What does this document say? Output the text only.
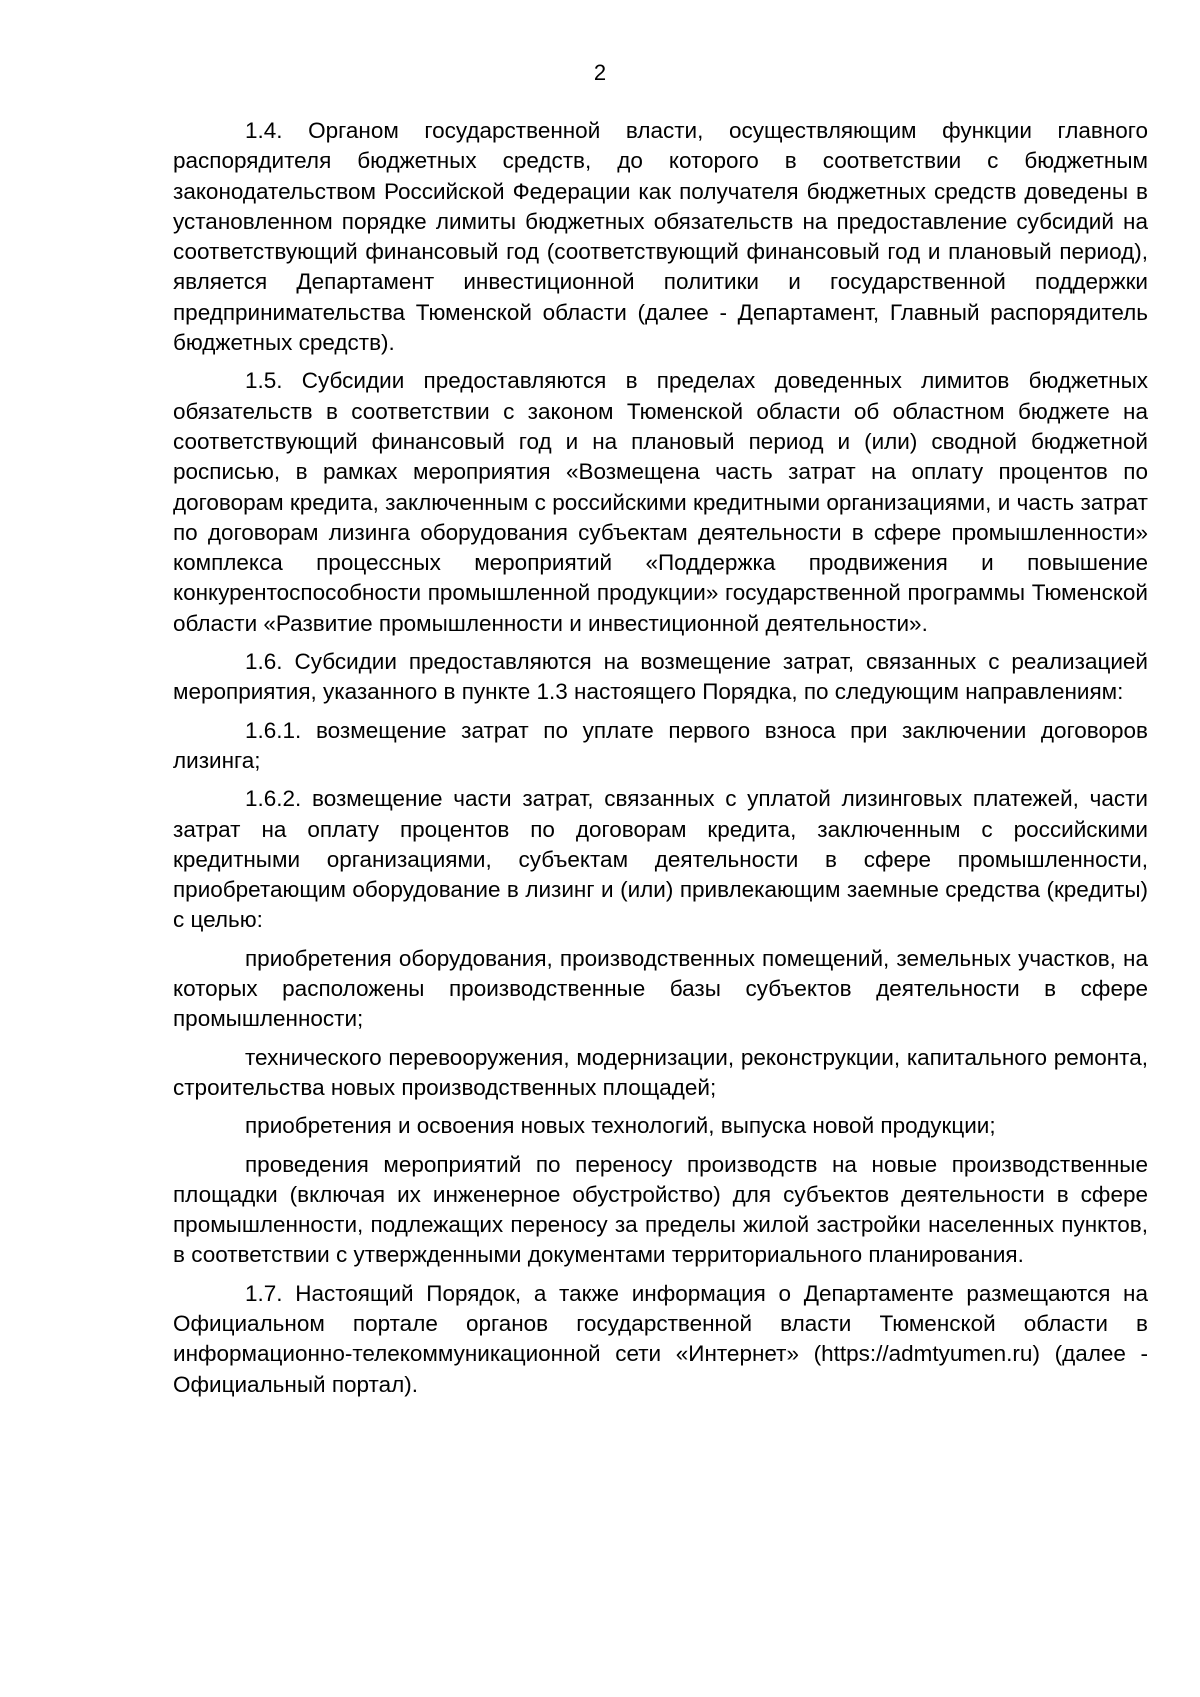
2

1.4. Органом государственной власти, осуществляющим функции главного распорядителя бюджетных средств, до которого в соответствии с бюджетным законодательством Российской Федерации как получателя бюджетных средств доведены в установленном порядке лимиты бюджетных обязательств на предоставление субсидий на соответствующий финансовый год (соответствующий финансовый год и плановый период), является Департамент инвестиционной политики и государственной поддержки предпринимательства Тюменской области (далее - Департамент, Главный распорядитель бюджетных средств).

1.5. Субсидии предоставляются в пределах доведенных лимитов бюджетных обязательств в соответствии с законом Тюменской области об областном бюджете на соответствующий финансовый год и на плановый период и (или) сводной бюджетной росписью, в рамках мероприятия «Возмещена часть затрат на оплату процентов по договорам кредита, заключенным с российскими кредитными организациями, и часть затрат по договорам лизинга оборудования субъектам деятельности в сфере промышленности» комплекса процессных мероприятий «Поддержка продвижения и повышение конкурентоспособности промышленной продукции» государственной программы Тюменской области «Развитие промышленности и инвестиционной деятельности».

1.6. Субсидии предоставляются на возмещение затрат, связанных с реализацией мероприятия, указанного в пункте 1.3 настоящего Порядка, по следующим направлениям:

1.6.1. возмещение затрат по уплате первого взноса при заключении договоров лизинга;

1.6.2. возмещение части затрат, связанных с уплатой лизинговых платежей, части затрат на оплату процентов по договорам кредита, заключенным с российскими кредитными организациями, субъектам деятельности в сфере промышленности, приобретающим оборудование в лизинг и (или) привлекающим заемные средства (кредиты) с целью:

приобретения оборудования, производственных помещений, земельных участков, на которых расположены производственные базы субъектов деятельности в сфере промышленности;

технического перевооружения, модернизации, реконструкции, капитального ремонта, строительства новых производственных площадей;

приобретения и освоения новых технологий, выпуска новой продукции;

проведения мероприятий по переносу производств на новые производственные площадки (включая их инженерное обустройство) для субъектов деятельности в сфере промышленности, подлежащих переносу за пределы жилой застройки населенных пунктов, в соответствии с утвержденными документами территориального планирования.

1.7. Настоящий Порядок, а также информация о Департаменте размещаются на Официальном портале органов государственной власти Тюменской области в информационно-телекоммуникационной сети «Интернет» (https://admtyumen.ru) (далее - Официальный портал).
